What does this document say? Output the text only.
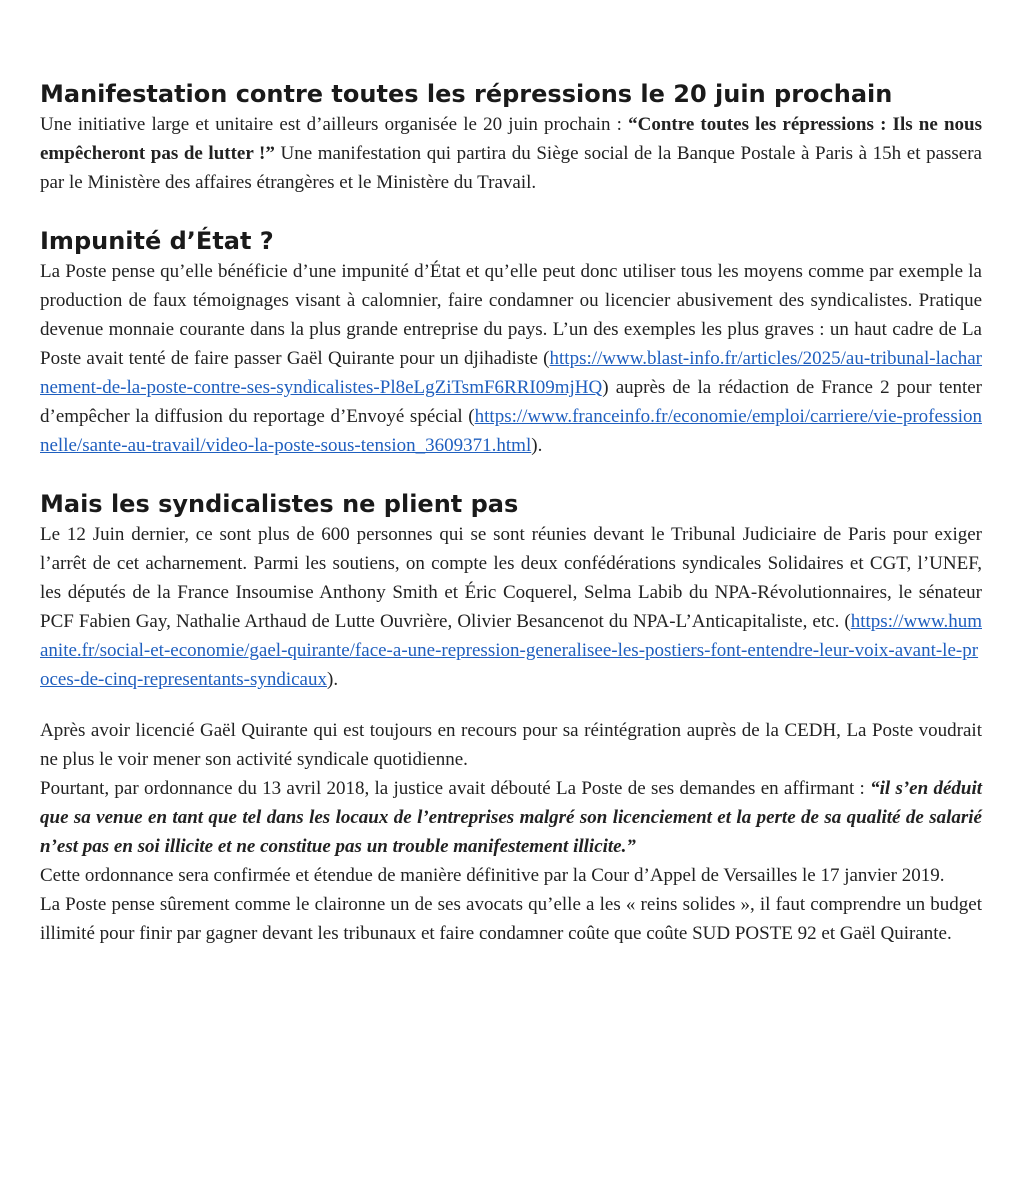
Manifestation contre toutes les répressions le 20 juin prochain

Une initiative large et unitaire est d’ailleurs organisée le 20 juin prochain : “Contre toutes les répressions : Ils ne nous empêcheront pas de lutter !” Une manifestation qui partira du Siège social de la Banque Postale à Paris à 15h et passera par le Ministère des affaires étrangères et le Ministère du Travail.

Impunité d’État ?

La Poste pense qu’elle bénéficie d’une impunité d’État et qu’elle peut donc utiliser tous les moyens comme par exemple la production de faux témoignages visant à calomnier, faire condamner ou licencier abusivement des syndicalistes. Pratique devenue monnaie courante dans la plus grande entreprise du pays. L’un des exemples les plus graves : un haut cadre de La Poste avait tenté de faire passer Gaël Quirante pour un djihadiste (https://www.blast-info.fr/articles/2025/au-tribunal-lacharnement-de-la-poste-contre-ses-syndicalistes-Pl8eLgZiTsmF6RRI09mjHQ) auprès de la rédaction de France 2 pour tenter d’empêcher la diffusion du reportage d’Envoyé spécial (https://www.franceinfo.fr/economie/emploi/carriere/vie-professionnelle/sante-au-travail/video-la-poste-sous-tension_3609371.html).

Mais les syndicalistes ne plient pas

Le 12 Juin dernier, ce sont plus de 600 personnes qui se sont réunies devant le Tribunal Judiciaire de Paris pour exiger l’arrêt de cet acharnement. Parmi les soutiens, on compte les deux confédérations syndicales Solidaires et CGT, l’UNEF, les députés de la France Insoumise Anthony Smith et Éric Coquerel, Selma Labib du NPA-Révolutionnaires, le sénateur PCF Fabien Gay, Nathalie Arthaud de Lutte Ouvrière, Olivier Besancenot du NPA-L’Anticapitaliste, etc. (https://www.humanite.fr/social-et-economie/gael-quirante/face-a-une-repression-generalisee-les-postiers-font-entendre-leur-voix-avant-le-proces-de-cinq-representants-syndicaux).

Après avoir licencié Gaël Quirante qui est toujours en recours pour sa réintégration auprès de la CEDH, La Poste voudrait ne plus le voir mener son activité syndicale quotidienne.

Pourtant, par ordonnance du 13 avril 2018, la justice avait débouté La Poste de ses demandes en affirmant : “il s’en déduit que sa venue en tant que tel dans les locaux de l’entreprises malgré son licenciement et la perte de sa qualité de salarié n’est pas en soi illicite et ne constitue pas un trouble manifestement illicite.”

Cette ordonnance sera confirmée et étendue de manière définitive par la Cour d’Appel de Versailles le 17 janvier 2019.

La Poste pense sûrement comme le claironne un de ses avocats qu’elle a les « reins solides », il faut comprendre un budget illimité pour finir par gagner devant les tribunaux et faire condamner coûte que coûte SUD POSTE 92 et Gaël Quirante.
